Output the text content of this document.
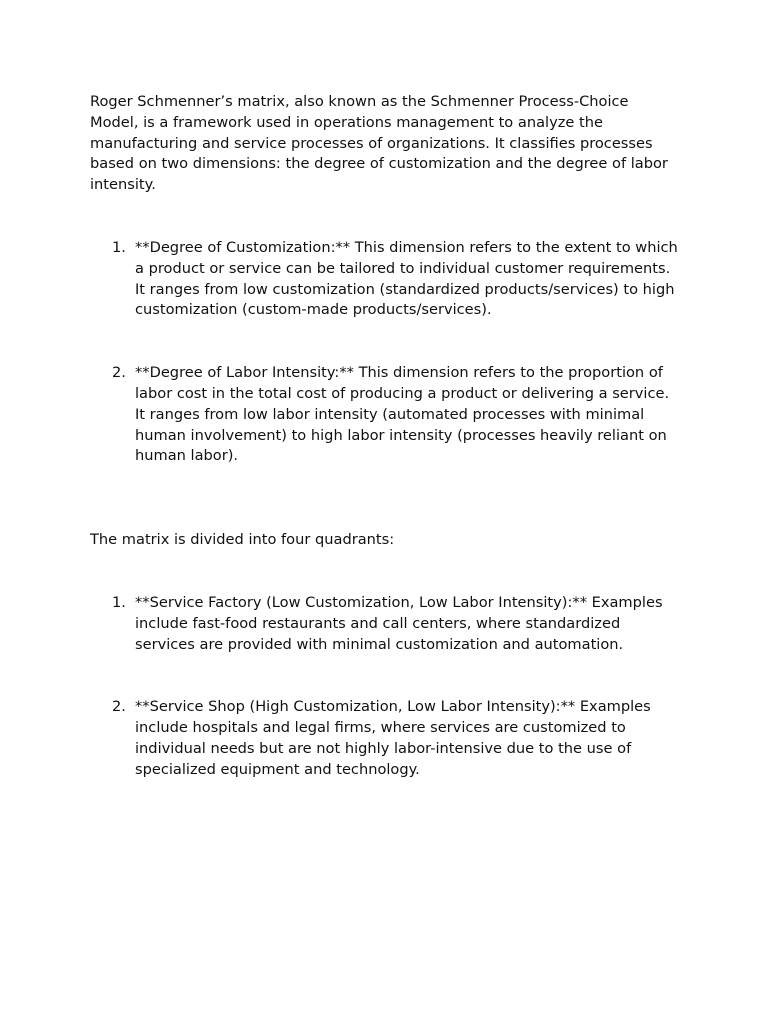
Roger Schmenner’s matrix, also known as the Schmenner Process-Choice Model, is a framework used in operations management to analyze the manufacturing and service processes of organizations. It classifies processes based on two dimensions: the degree of customization and the degree of labor intensity.

1. **Degree of Customization:** This dimension refers to the extent to which a product or service can be tailored to individual customer requirements. It ranges from low customization (standardized products/services) to high customization (custom-made products/services).
2. **Degree of Labor Intensity:** This dimension refers to the proportion of labor cost in the total cost of producing a product or delivering a service. It ranges from low labor intensity (automated processes with minimal human involvement) to high labor intensity (processes heavily reliant on human labor).

The matrix is divided into four quadrants:

1. **Service Factory (Low Customization, Low Labor Intensity):** Examples include fast-food restaurants and call centers, where standardized services are provided with minimal customization and automation.
2. **Service Shop (High Customization, Low Labor Intensity):** Examples include hospitals and legal firms, where services are customized to individual needs but are not highly labor-intensive due to the use of specialized equipment and technology.
